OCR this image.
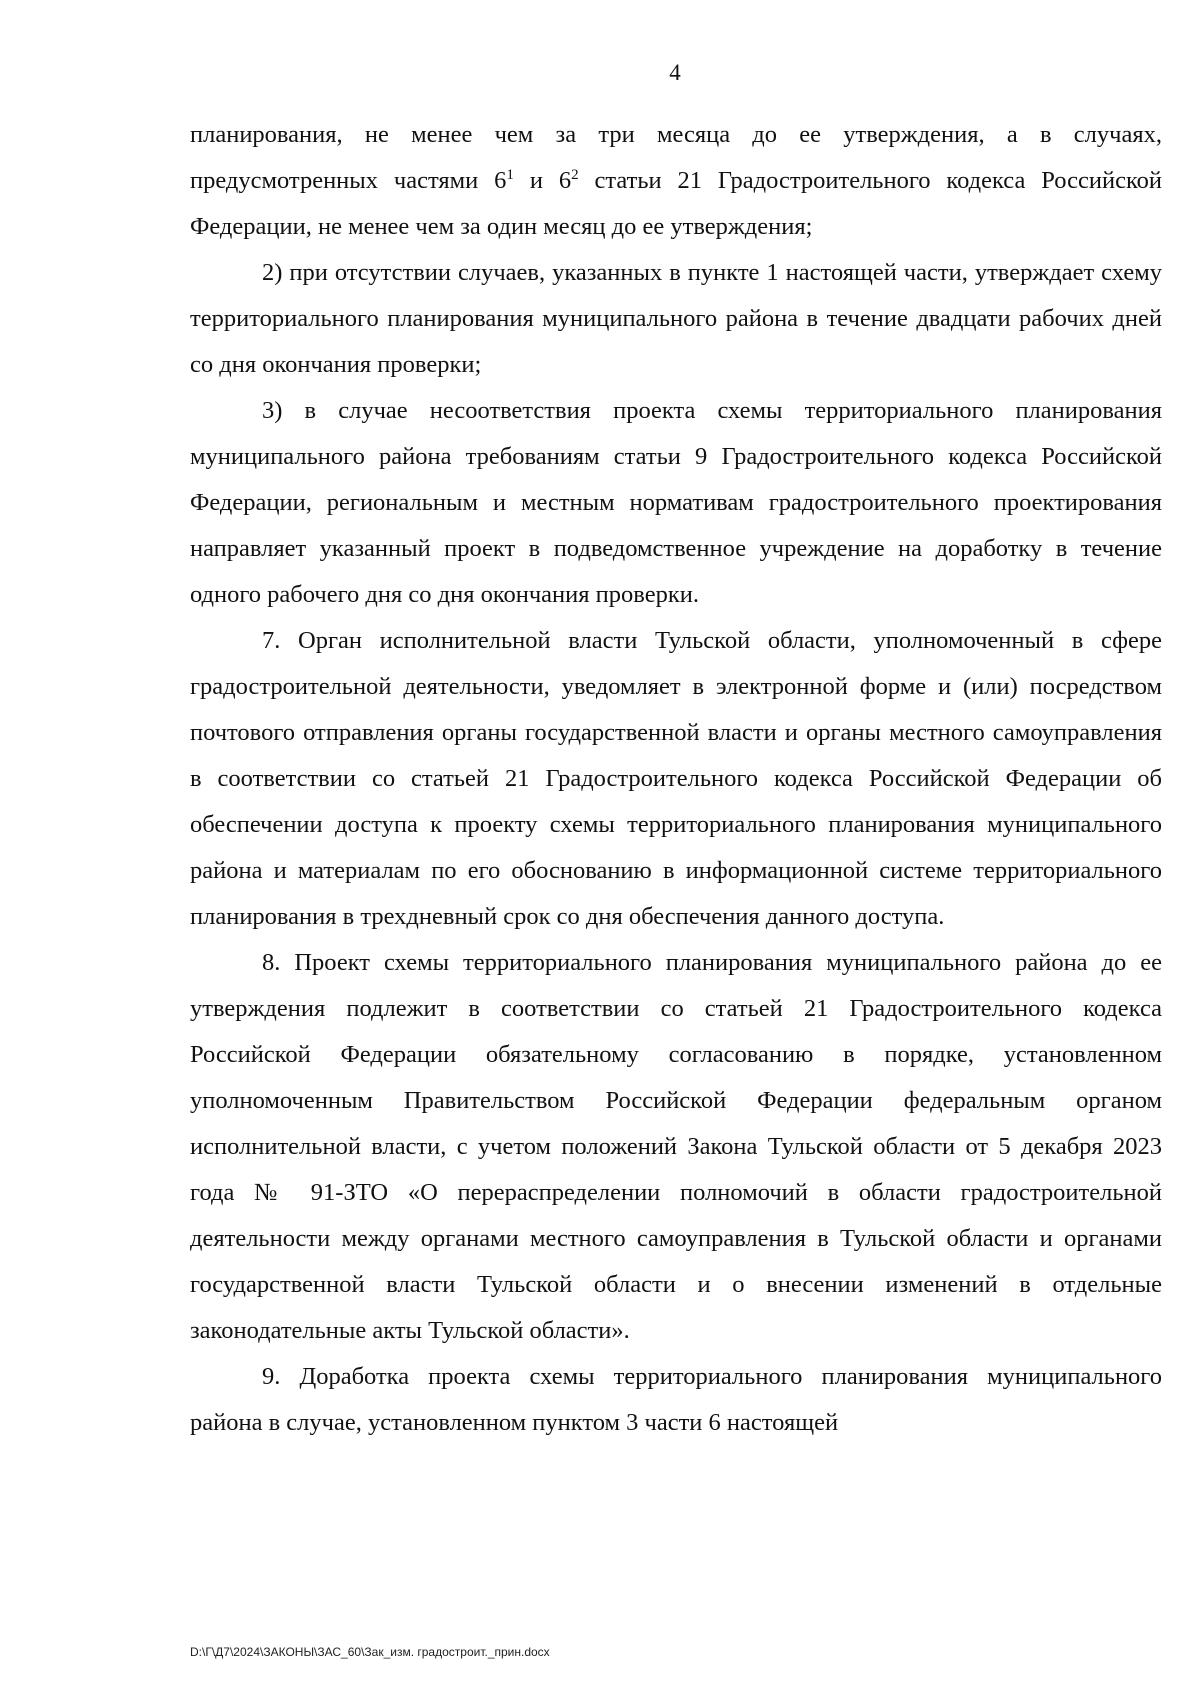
4

планирования, не менее чем за три месяца до ее утверждения, а в случаях, предусмотренных частями $6^1$ и $6^2$ статьи 21 Градостроительного кодекса Российской Федерации, не менее чем за один месяц до ее утверждения;

2) при отсутствии случаев, указанных в пункте 1 настоящей части, утверждает схему территориального планирования муниципального района в течение двадцати рабочих дней со дня окончания проверки;

3) в случае несоответствия проекта схемы территориального планирования муниципального района требованиям статьи 9 Градостроительного кодекса Российской Федерации, региональным и местным нормативам градостроительного проектирования направляет указанный проект в подведомственное учреждение на доработку в течение одного рабочего дня со дня окончания проверки.

7. Орган исполнительной власти Тульской области, уполномоченный в сфере градостроительной деятельности, уведомляет в электронной форме и (или) посредством почтового отправления органы государственной власти и органы местного самоуправления в соответствии со статьей 21 Градостроительного кодекса Российской Федерации об обеспечении доступа к проекту схемы территориального планирования муниципального района и материалам по его обоснованию в информационной системе территориального планирования в трехдневный срок со дня обеспечения данного доступа.

8. Проект схемы территориального планирования муниципального района до ее утверждения подлежит в соответствии со статьей 21 Градостроительного кодекса Российской Федерации обязательному согласованию в порядке, установленном уполномоченным Правительством Российской Федерации федеральным органом исполнительной власти, с учетом положений Закона Тульской области от 5 декабря 2023 года № 91-ЗТО «О перераспределении полномочий в области градостроительной деятельности между органами местного самоуправления в Тульской области и органами государственной власти Тульской области и о внесении изменений в отдельные законодательные акты Тульской области».

9. Доработка проекта схемы территориального планирования муниципального района в случае, установленном пунктом 3 части 6 настоящей

D:\Г\Д7\2024\ЗАКОНЫ\ЗАС_60\Зак_изм. градостроит._прин.docx
